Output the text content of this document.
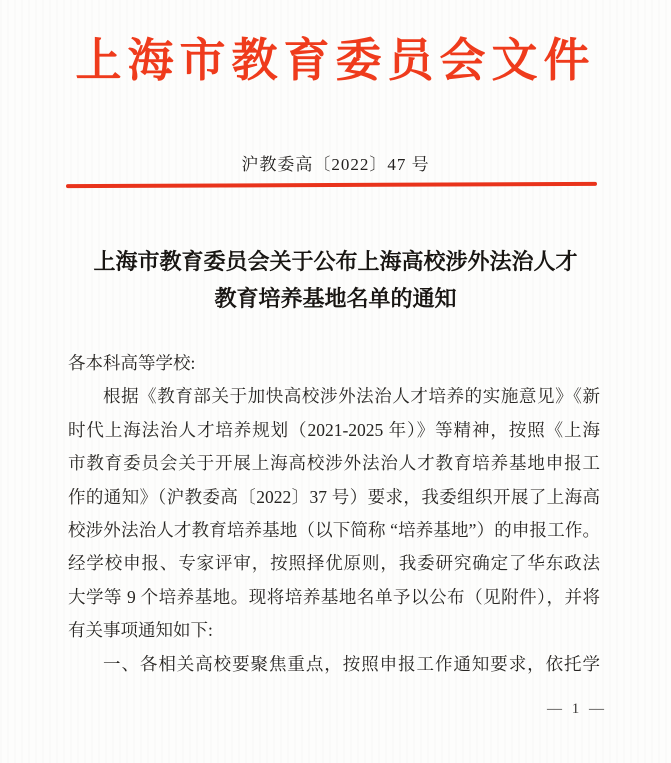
上海市教育委员会文件
沪教委高〔2022〕47 号
上海市教育委员会关于公布上海高校涉外法治人才
教育培养基地名单的通知
各本科高等学校:
根据《教育部关于加快高校涉外法治人才培养的实施意见》《新
时代上海法治人才培养规划（2021-2025 年）》等精神，按照《上海
市教育委员会关于开展上海高校涉外法治人才教育培养基地申报工
作的通知》（沪教委高〔2022〕37 号）要求，我委组织开展了上海高
校涉外法治人才教育培养基地（以下简称 “培养基地”）的申报工作。
经学校申报、专家评审，按照择优原则，我委研究确定了华东政法
大学等 9 个培养基地。现将培养基地名单予以公布（见附件），并将
有关事项通知如下:
一、各相关高校要聚焦重点，按照申报工作通知要求，依托学
— 1 —
